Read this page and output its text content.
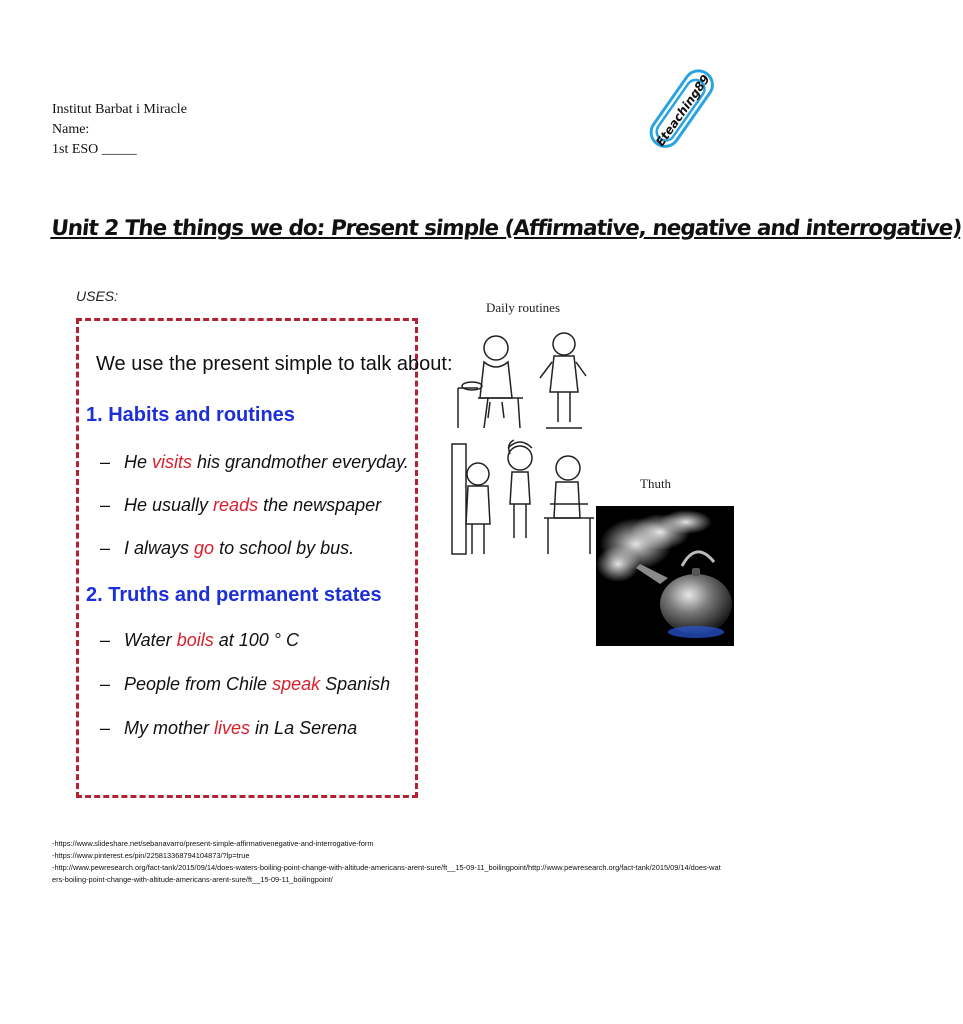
Institut Barbat i Miracle
Name:
1st ESO _____
Eteaching89
Unit 2 The things we do: Present simple (Affirmative, negative and interrogative)
USES:
We use the present simple to talk about:
1. Habits and routines
– He visits his grandmother everyday.
– He usually reads the newspaper
– I always go to school by bus.
2. Truths and permanent states
– Water boils at 100 ° C
– People from Chile speak Spanish
– My mother lives in La Serena
Daily routines
Thuth
-https://www.slideshare.net/sebanavarro/present-simple-affirmativenegative-and-interrogative-form
-https://www.pinterest.es/pin/225813368794104873/?lp=true
-http://www.pewresearch.org/fact-tank/2015/09/14/does-waters-boiling-point-change-with-altitude-americans-arent-sure/ft__15-09-11_boilingpoint/http://www.pewresearch.org/fact-tank/2015/09/14/does-waters-boiling-point-change-with-altitude-americans-arent-sure/ft__15-09-11_boilingpoint/
